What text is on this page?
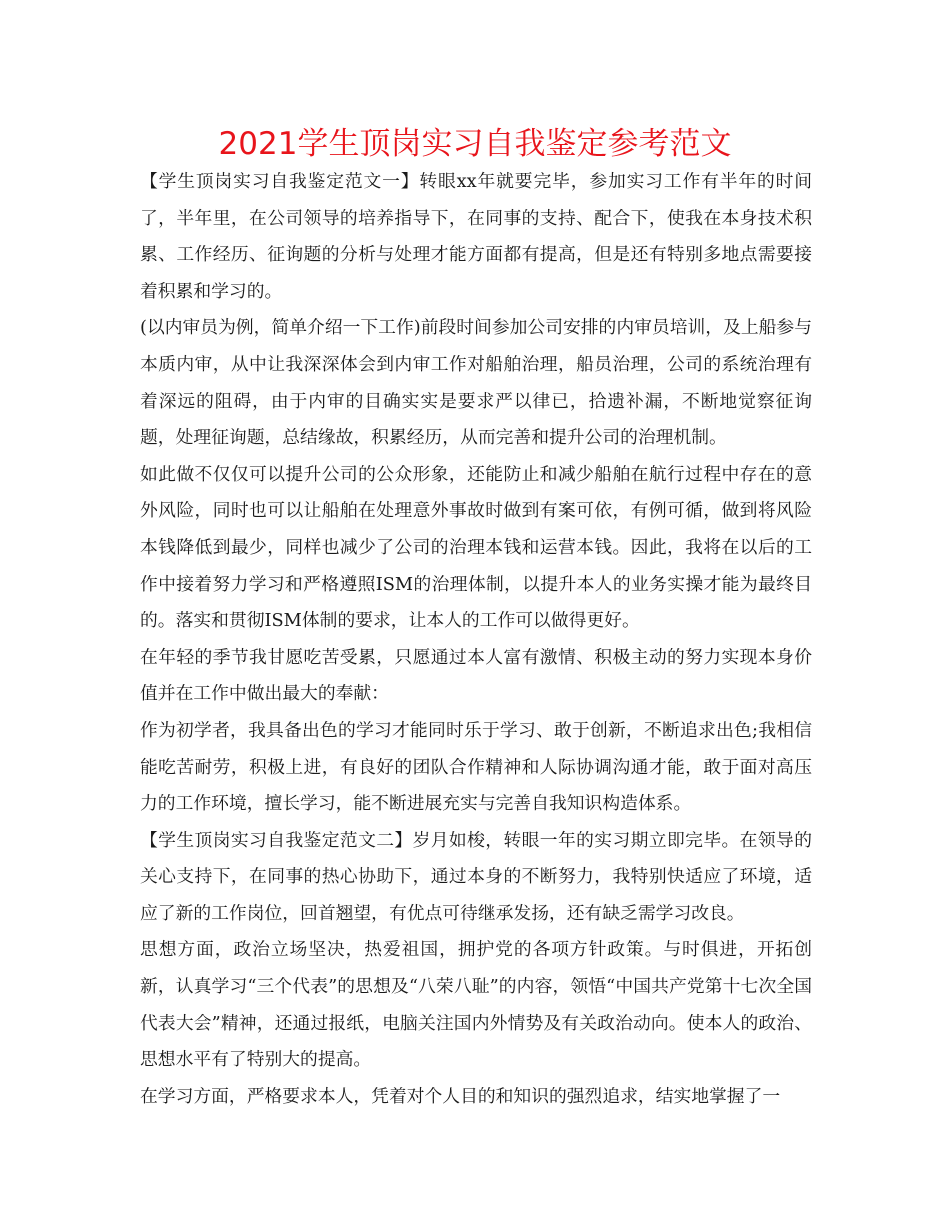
2021学生顶岗实习自我鉴定参考范文

【学生顶岗实习自我鉴定范文一】转眼xx年就要完毕，参加实习工作有半年的时间了，半年里，在公司领导的培养指导下，在同事的支持、配合下，使我在本身技术积累、工作经历、征询题的分析与处理才能方面都有提高，但是还有特别多地点需要接着积累和学习的。

(以内审员为例，简单介绍一下工作)前段时间参加公司安排的内审员培训，及上船参与本质内审，从中让我深深体会到内审工作对船舶治理，船员治理，公司的系统治理有着深远的阻碍，由于内审的目确实实是要求严以律已，拾遗补漏，不断地觉察征询题，处理征询题，总结缘故，积累经历，从而完善和提升公司的治理机制。

如此做不仅仅可以提升公司的公众形象，还能防止和减少船舶在航行过程中存在的意外风险，同时也可以让船舶在处理意外事故时做到有案可依，有例可循，做到将风险本钱降低到最少，同样也减少了公司的治理本钱和运营本钱。因此，我将在以后的工作中接着努力学习和严格遵照ISM的治理体制，以提升本人的业务实操才能为最终目的。落实和贯彻ISM体制的要求，让本人的工作可以做得更好。

在年轻的季节我甘愿吃苦受累，只愿通过本人富有激情、积极主动的努力实现本身价值并在工作中做出最大的奉献：

作为初学者，我具备出色的学习才能同时乐于学习、敢于创新，不断追求出色;我相信能吃苦耐劳，积极上进，有良好的团队合作精神和人际协调沟通才能，敢于面对高压力的工作环境，擅长学习，能不断进展充实与完善自我知识构造体系。

【学生顶岗实习自我鉴定范文二】岁月如梭，转眼一年的实习期立即完毕。在领导的关心支持下，在同事的热心协助下，通过本身的不断努力，我特别快适应了环境，适应了新的工作岗位，回首翘望，有优点可待继承发扬，还有缺乏需学习改良。

思想方面，政治立场坚决，热爱祖国，拥护党的各项方针政策。与时俱进，开拓创新，认真学习“三个代表”的思想及“八荣八耻”的内容，领悟“中国共产党第十七次全国代表大会”精神，还通过报纸，电脑关注国内外情势及有关政治动向。使本人的政治、思想水平有了特别大的提高。

在学习方面，严格要求本人，凭着对个人目的和知识的强烈追求，结实地掌握了一
